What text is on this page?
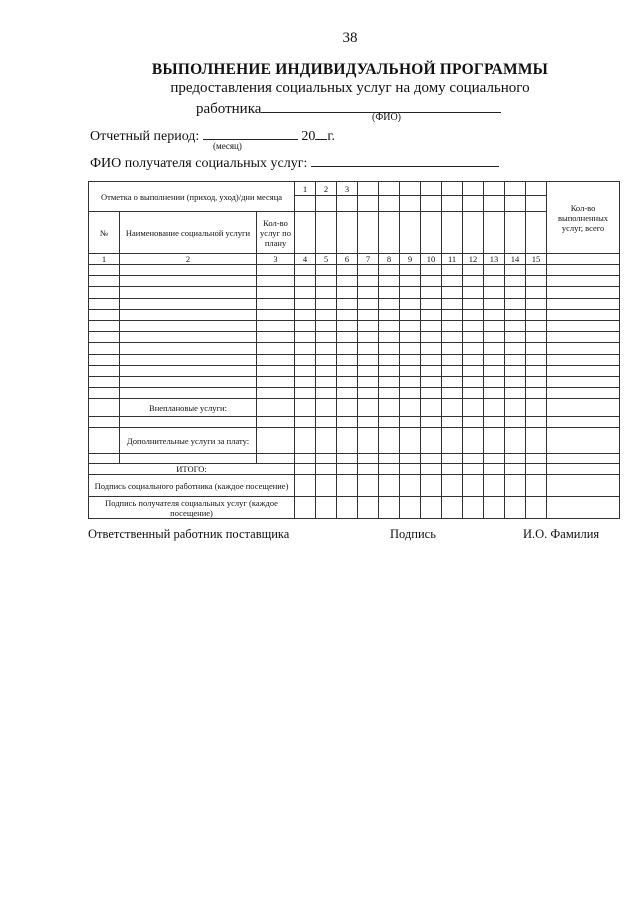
38
ВЫПОЛНЕНИЕ ИНДИВИДУАЛЬНОЙ ПРОГРАММЫ
предоставления социальных услуг на дому социального
работника
(ФИО)
Отчетный период:	20 г.
(месяц)
ФИО получателя социальных услуг:
Отметка о выполнении (приход, уход)/дни месяца			1	2	3										Кол-во выполненных услуг, всего

№	Наименование социальной услуги	Кол-во услуг по плану													
1	2	3	4	5	6	7	8	9	10	11	12	13	14	15	

	Внеплановые услуги:														

	Дополнительные услуги за плату:														

ИТОГО:															
Подпись социального работника (каждое посещение)															
Подпись получателя социальных услуг (каждое посещение)															
Ответственный работник поставщика	Подпись	И.О. Фамилия
